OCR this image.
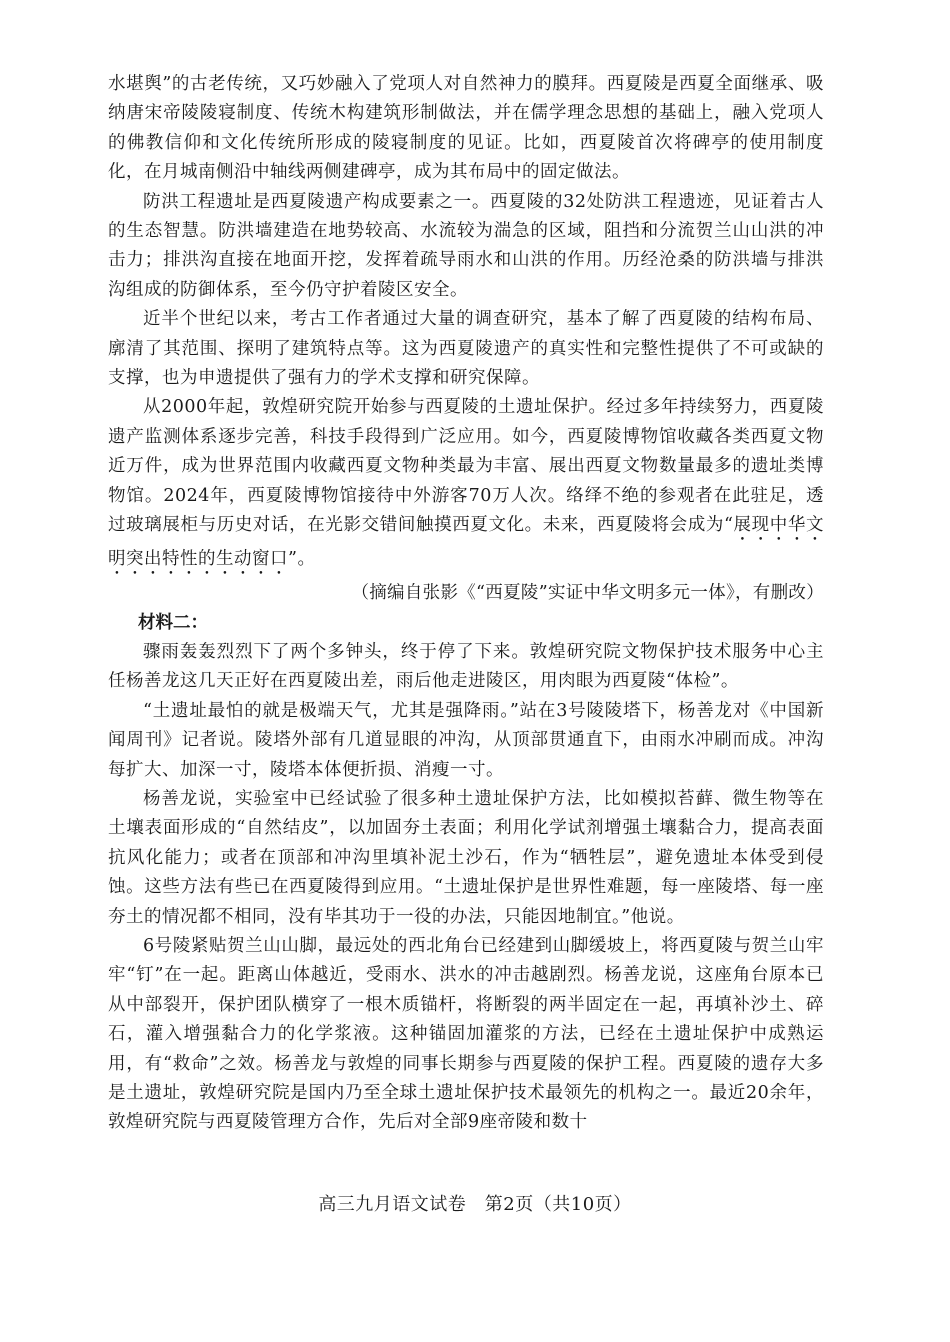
水堪舆”的古老传统，又巧妙融入了党项人对自然神力的膜拜。西夏陵是西夏全面继承、吸纳唐宋帝陵陵寝制度、传统木构建筑形制做法，并在儒学理念思想的基础上，融入党项人的佛教信仰和文化传统所形成的陵寝制度的见证。比如，西夏陵首次将碑亭的使用制度化，在月城南侧沿中轴线两侧建碑亭，成为其布局中的固定做法。

防洪工程遗址是西夏陵遗产构成要素之一。西夏陵的32处防洪工程遗迹，见证着古人的生态智慧。防洪墙建造在地势较高、水流较为湍急的区域，阻挡和分流贺兰山山洪的冲击力；排洪沟直接在地面开挖，发挥着疏导雨水和山洪的作用。历经沧桑的防洪墙与排洪沟组成的防御体系，至今仍守护着陵区安全。

近半个世纪以来，考古工作者通过大量的调查研究，基本了解了西夏陵的结构布局、廓清了其范围、探明了建筑特点等。这为西夏陵遗产的真实性和完整性提供了不可或缺的支撑，也为申遗提供了强有力的学术支撑和研究保障。

从2000年起，敦煌研究院开始参与西夏陵的土遗址保护。经过多年持续努力，西夏陵遗产监测体系逐步完善，科技手段得到广泛应用。如今，西夏陵博物馆收藏各类西夏文物近万件，成为世界范围内收藏西夏文物种类最为丰富、展出西夏文物数量最多的遗址类博物馆。2024年，西夏陵博物馆接待中外游客70万人次。络绎不绝的参观者在此驻足，透过玻璃展柜与历史对话，在光影交错间触摸西夏文化。未来，西夏陵将会成为“展现中华文明突出特性的生动窗口”。

（摘编自张影《“西夏陵”实证中华文明多元一体》，有删改）

材料二：

骤雨轰轰烈烈下了两个多钟头，终于停了下来。敦煌研究院文物保护技术服务中心主任杨善龙这几天正好在西夏陵出差，雨后他走进陵区，用肉眼为西夏陵“体检”。

“土遗址最怕的就是极端天气，尤其是强降雨。”站在3号陵陵塔下，杨善龙对《中国新闻周刊》记者说。陵塔外部有几道显眼的冲沟，从顶部贯通直下，由雨水冲刷而成。冲沟每扩大、加深一寸，陵塔本体便折损、消瘦一寸。

杨善龙说，实验室中已经试验了很多种土遗址保护方法，比如模拟苔藓、微生物等在土壤表面形成的“自然结皮”，以加固夯土表面；利用化学试剂增强土壤黏合力，提高表面抗风化能力；或者在顶部和冲沟里填补泥土沙石，作为“牺牲层”，避免遗址本体受到侵蚀。这些方法有些已在西夏陵得到应用。“土遗址保护是世界性难题，每一座陵塔、每一座夯土的情况都不相同，没有毕其功于一役的办法，只能因地制宜。”他说。

6号陵紧贴贺兰山山脚，最远处的西北角台已经建到山脚缓坡上，将西夏陵与贺兰山牢牢“钉”在一起。距离山体越近，受雨水、洪水的冲击越剧烈。杨善龙说，这座角台原本已从中部裂开，保护团队横穿了一根木质锚杆，将断裂的两半固定在一起，再填补沙土、碎石，灌入增强黏合力的化学浆液。这种锚固加灌浆的方法，已经在土遗址保护中成熟运用，有“救命”之效。杨善龙与敦煌的同事长期参与西夏陵的保护工程。西夏陵的遗存大多是土遗址，敦煌研究院是国内乃至全球土遗址保护技术最领先的机构之一。最近20余年，敦煌研究院与西夏陵管理方合作，先后对全部9座帝陵和数十

高三九月语文试卷　第2页（共10页）
